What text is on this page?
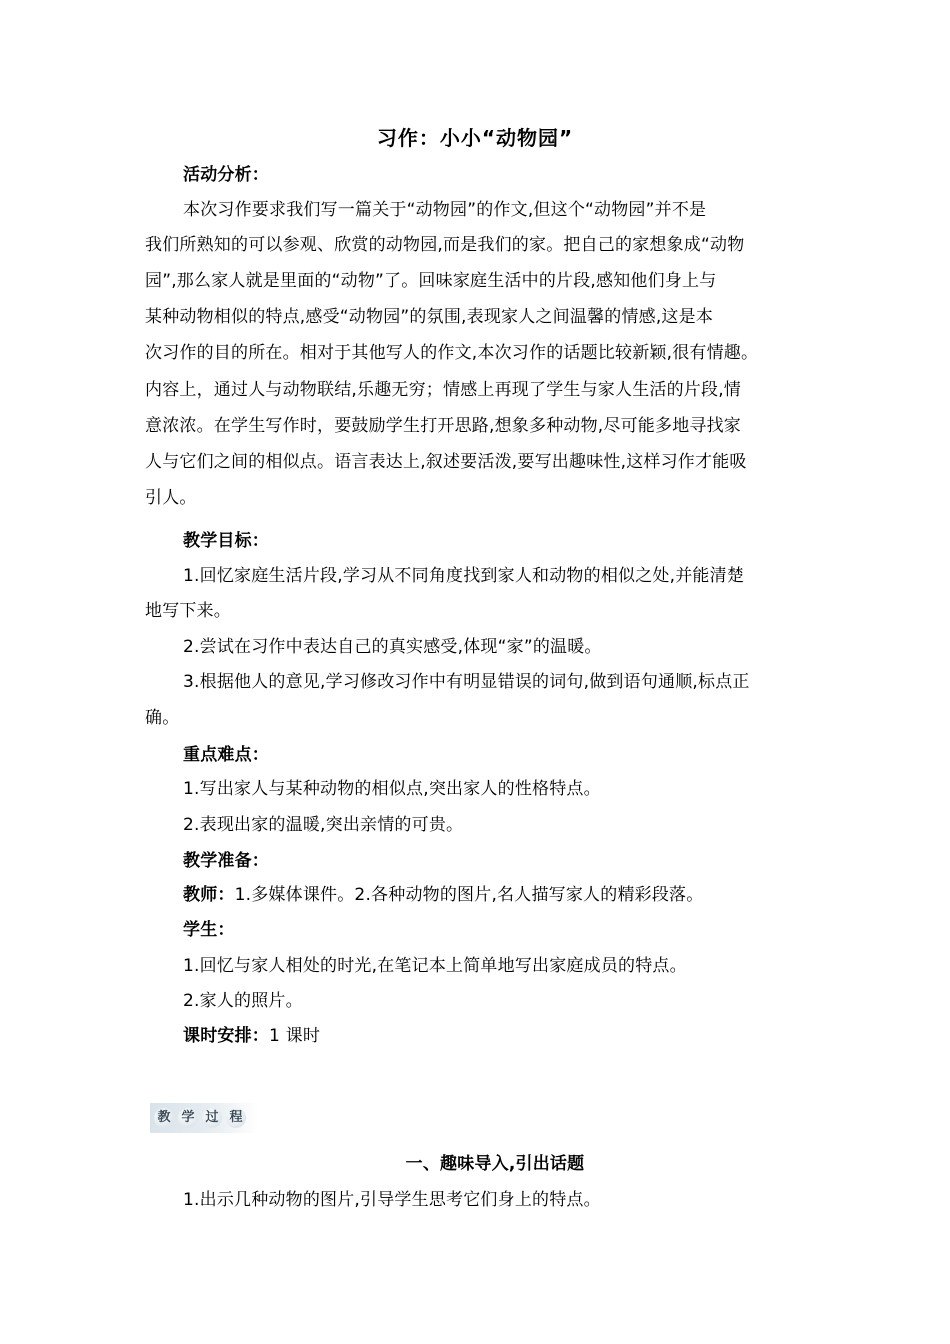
习作：小小“动物园”
活动分析：
本次习作要求我们写一篇关于“动物园”的作文,但这个“动物园”并不是
我们所熟知的可以参观、欣赏的动物园,而是我们的家。把自己的家想象成“动物
园”,那么家人就是里面的“动物”了。回味家庭生活中的片段,感知他们身上与
某种动物相似的特点,感受“动物园”的氛围,表现家人之间温馨的情感,这是本
次习作的目的所在。相对于其他写人的作文,本次习作的话题比较新颖,很有情趣。
内容上，通过人与动物联结,乐趣无穷；情感上再现了学生与家人生活的片段,情
意浓浓。在学生写作时，要鼓励学生打开思路,想象多种动物,尽可能多地寻找家
人与它们之间的相似点。语言表达上,叙述要活泼,要写出趣味性,这样习作才能吸
引人。
教学目标：
1.回忆家庭生活片段,学习从不同角度找到家人和动物的相似之处,并能清楚
地写下来。
2.尝试在习作中表达自己的真实感受,体现“家”的温暖。
3.根据他人的意见,学习修改习作中有明显错误的词句,做到语句通顺,标点正
确。
重点难点：
1.写出家人与某种动物的相似点,突出家人的性格特点。
2.表现出家的温暖,突出亲情的可贵。
教学准备：
教师：1.多媒体课件。2.各种动物的图片,名人描写家人的精彩段落。
学生：
1.回忆与家人相处的时光,在笔记本上简单地写出家庭成员的特点。
2.家人的照片。
课时安排：1 课时
教 学 过 程
一、趣味导入,引出话题
1.出示几种动物的图片,引导学生思考它们身上的特点。
